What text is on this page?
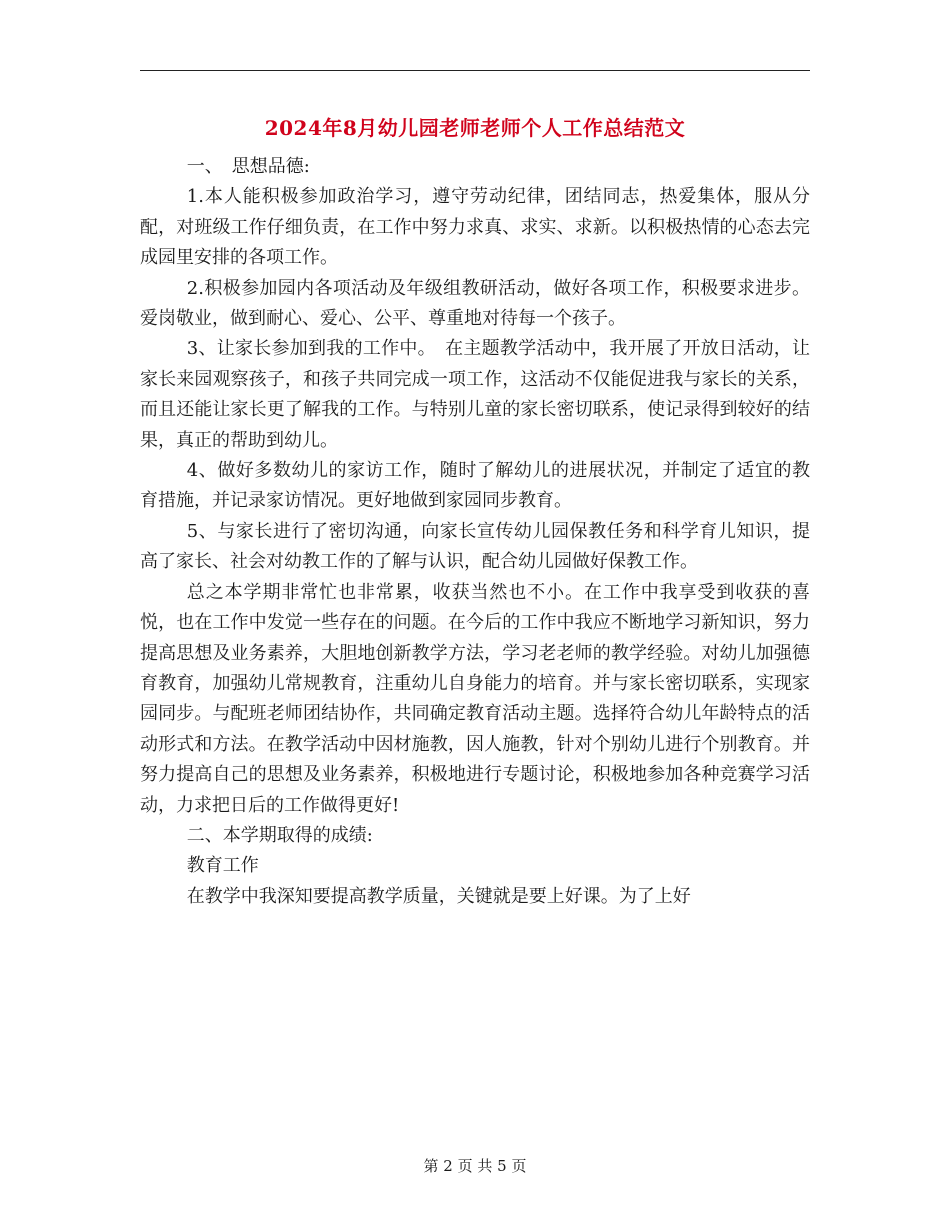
2024年8月幼儿园老师老师个人工作总结范文

一、　思想品德:

1.本人能积极参加政治学习，遵守劳动纪律，团结同志，热爱集体，服从分配，对班级工作仔细负责，在工作中努力求真、求实、求新。以积极热情的心态去完成园里安排的各项工作。

2.积极参加园内各项活动及年级组教研活动，做好各项工作，积极要求进步。爱岗敬业，做到耐心、爱心、公平、尊重地对待每一个孩子。

3、让家长参加到我的工作中。　在主题教学活动中，我开展了开放日活动，让家长来园观察孩子，和孩子共同完成一项工作，这活动不仅能促进我与家长的关系，而且还能让家长更了解我的工作。与特别儿童的家长密切联系，使记录得到较好的结果，真正的帮助到幼儿。

4、做好多数幼儿的家访工作，随时了解幼儿的进展状况，并制定了适宜的教育措施，并记录家访情况。更好地做到家园同步教育。

5、与家长进行了密切沟通，向家长宣传幼儿园保教任务和科学育儿知识，提高了家长、社会对幼教工作的了解与认识，配合幼儿园做好保教工作。

总之本学期非常忙也非常累，收获当然也不小。在工作中我享受到收获的喜悦，也在工作中发觉一些存在的问题。在今后的工作中我应不断地学习新知识，努力提高思想及业务素养，大胆地创新教学方法，学习老老师的教学经验。对幼儿加强德育教育，加强幼儿常规教育，注重幼儿自身能力的培育。并与家长密切联系，实现家园同步。与配班老师团结协作，共同确定教育活动主题。选择符合幼儿年龄特点的活动形式和方法。在教学活动中因材施教，因人施教，针对个别幼儿进行个别教育。并努力提高自己的思想及业务素养，积极地进行专题讨论，积极地参加各种竞赛学习活动，力求把日后的工作做得更好!

二、本学期取得的成绩:

教育工作

在教学中我深知要提高教学质量，关键就是要上好课。为了上好

第 2 页 共 5 页
